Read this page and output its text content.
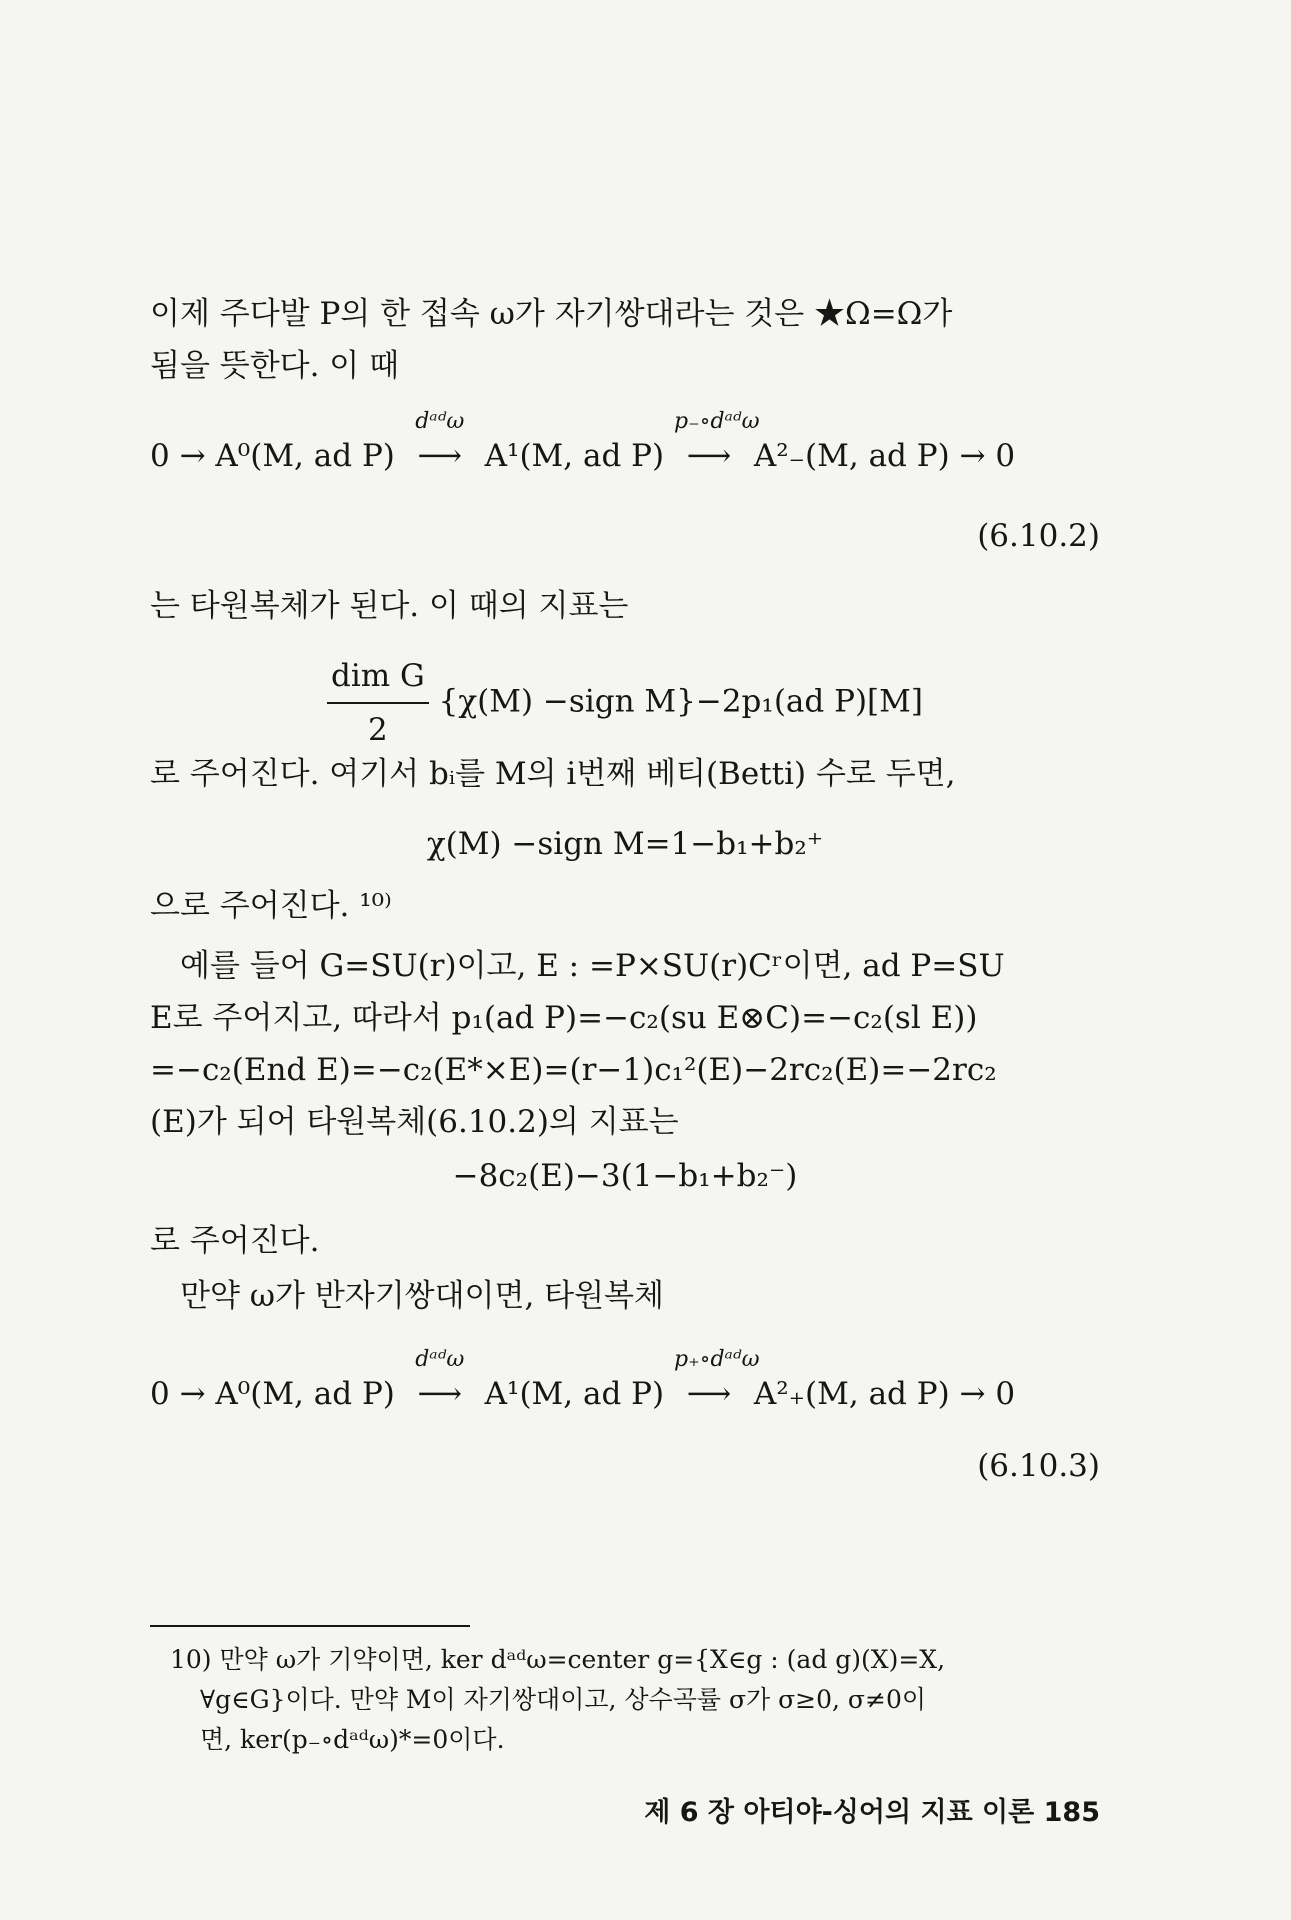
이제 주다발 P의 한 접속 ω가 자기쌍대라는 것은 ★Ω=Ω가
됨을 뜻한다. 이 때
0 → A⁰(M, ad P)
dᵃᵈω
⟶ A¹(M, ad P)
p₋∘dᵃᵈω
⟶ A²₋(M, ad P) → 0
(6.10.2)
는 타원복체가 된다. 이 때의 지표는
$\frac{\text{dim G}}{2} \{\chi(M)$ −sign M}−2p₁(ad P)[M]
로 주어진다. 여기서 bᵢ를 M의 i번째 베티(Betti) 수로 두면,
χ(M) −sign M=1−b₁+b₂⁺
으로 주어진다. ¹⁰⁾
예를 들어 G=SU(r)이고, E : =P×SU(r)Cʳ이면, ad P=SU
E로 주어지고, 따라서 p₁(ad P)=−c₂(su E⊗C)=−c₂(sl E))
=−c₂(End E)=−c₂(E*×E)=(r−1)c₁²(E)−2rc₂(E)=−2rc₂
(E)가 되어 타원복체(6.10.2)의 지표는
−8c₂(E)−3(1−b₁+b₂⁻)
로 주어진다.
만약 ω가 반자기쌍대이면, 타원복체
0 → A⁰(M, ad P)
dᵃᵈω
⟶ A¹(M, ad P)
p₊∘dᵃᵈω
⟶ A²₊(M, ad P) → 0
(6.10.3)
10) 만약 ω가 기약이면, ker dᵃᵈω=center g={X∈g : (ad g)(X)=X,
∀g∈G}이다. 만약 M이 자기쌍대이고, 상수곡률 σ가 σ≥0, σ≠0이
면, ker(p₋∘dᵃᵈω)*=0이다.
제 6 장 아티야-싱어의 지표 이론 185
